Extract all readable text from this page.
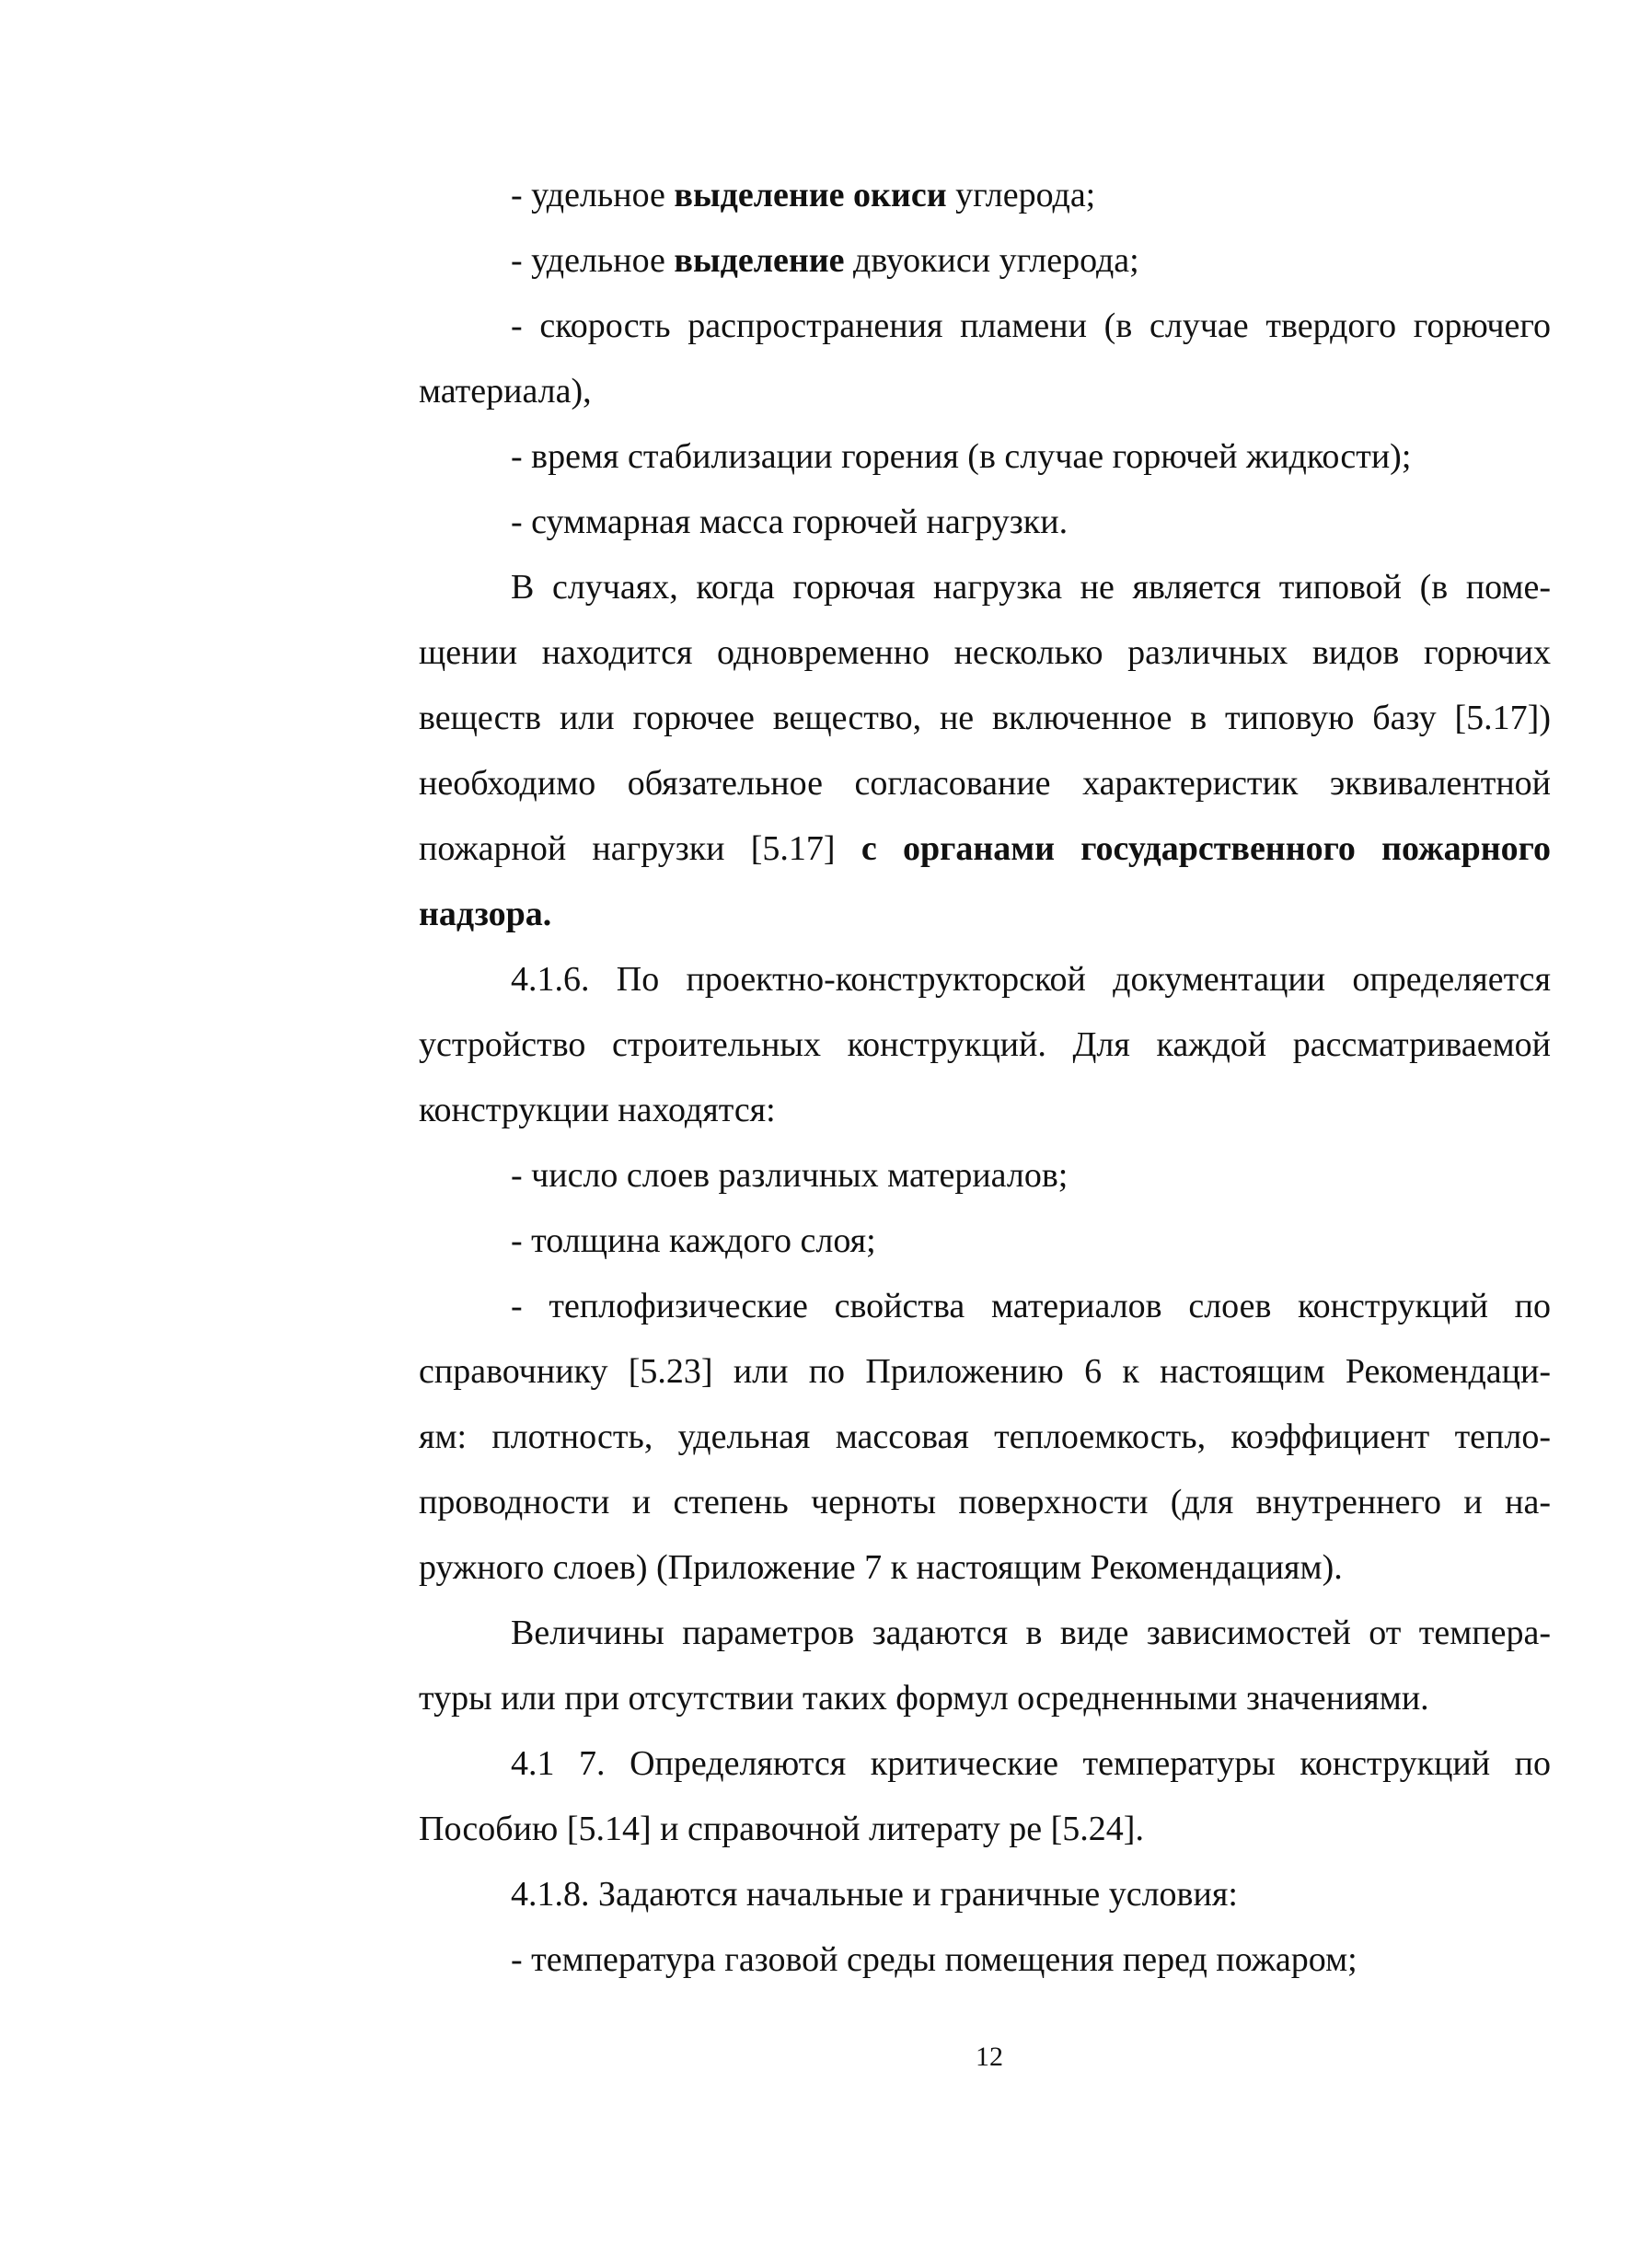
- удельное выделение окиси углерода;
- удельное выделение двуокиси углерода;
- скорость распространения пламени (в случае твердого горючего
материала),
- время стабилизации горения (в случае горючей жидкости);
- суммарная масса горючей нагрузки.
В случаях, когда горючая нагрузка не является типовой (в поме-
щении находится одновременно несколько различных видов горючих
веществ или горючее вещество, не включенное в типовую базу [5.17])
необходимо обязательное согласование характеристик эквивалентной
пожарной нагрузки [5.17] с органами государственного пожарного
надзора.
4.1.6. По проектно-конструкторской документации определяется
устройство строительных конструкций. Для каждой рассматриваемой
конструкции находятся:
- число слоев различных материалов;
- толщина каждого слоя;
- теплофизические свойства материалов слоев конструкций по
справочнику [5.23] или по Приложению 6 к настоящим Рекомендаци-
ям: плотность, удельная массовая теплоемкость, коэффициент тепло-
проводности и степень черноты поверхности (для внутреннего и на-
ружного слоев) (Приложение 7 к настоящим Рекомендациям).
Величины параметров задаются в виде зависимостей от темпера-
туры или при отсутствии таких формул осредненными значениями.
4.1 7. Определяются критические температуры конструкций по
Пособию [5.14] и справочной литерату ре [5.24].
4.1.8. Задаются начальные и граничные условия:
- температура газовой среды помещения перед пожаром;
12
